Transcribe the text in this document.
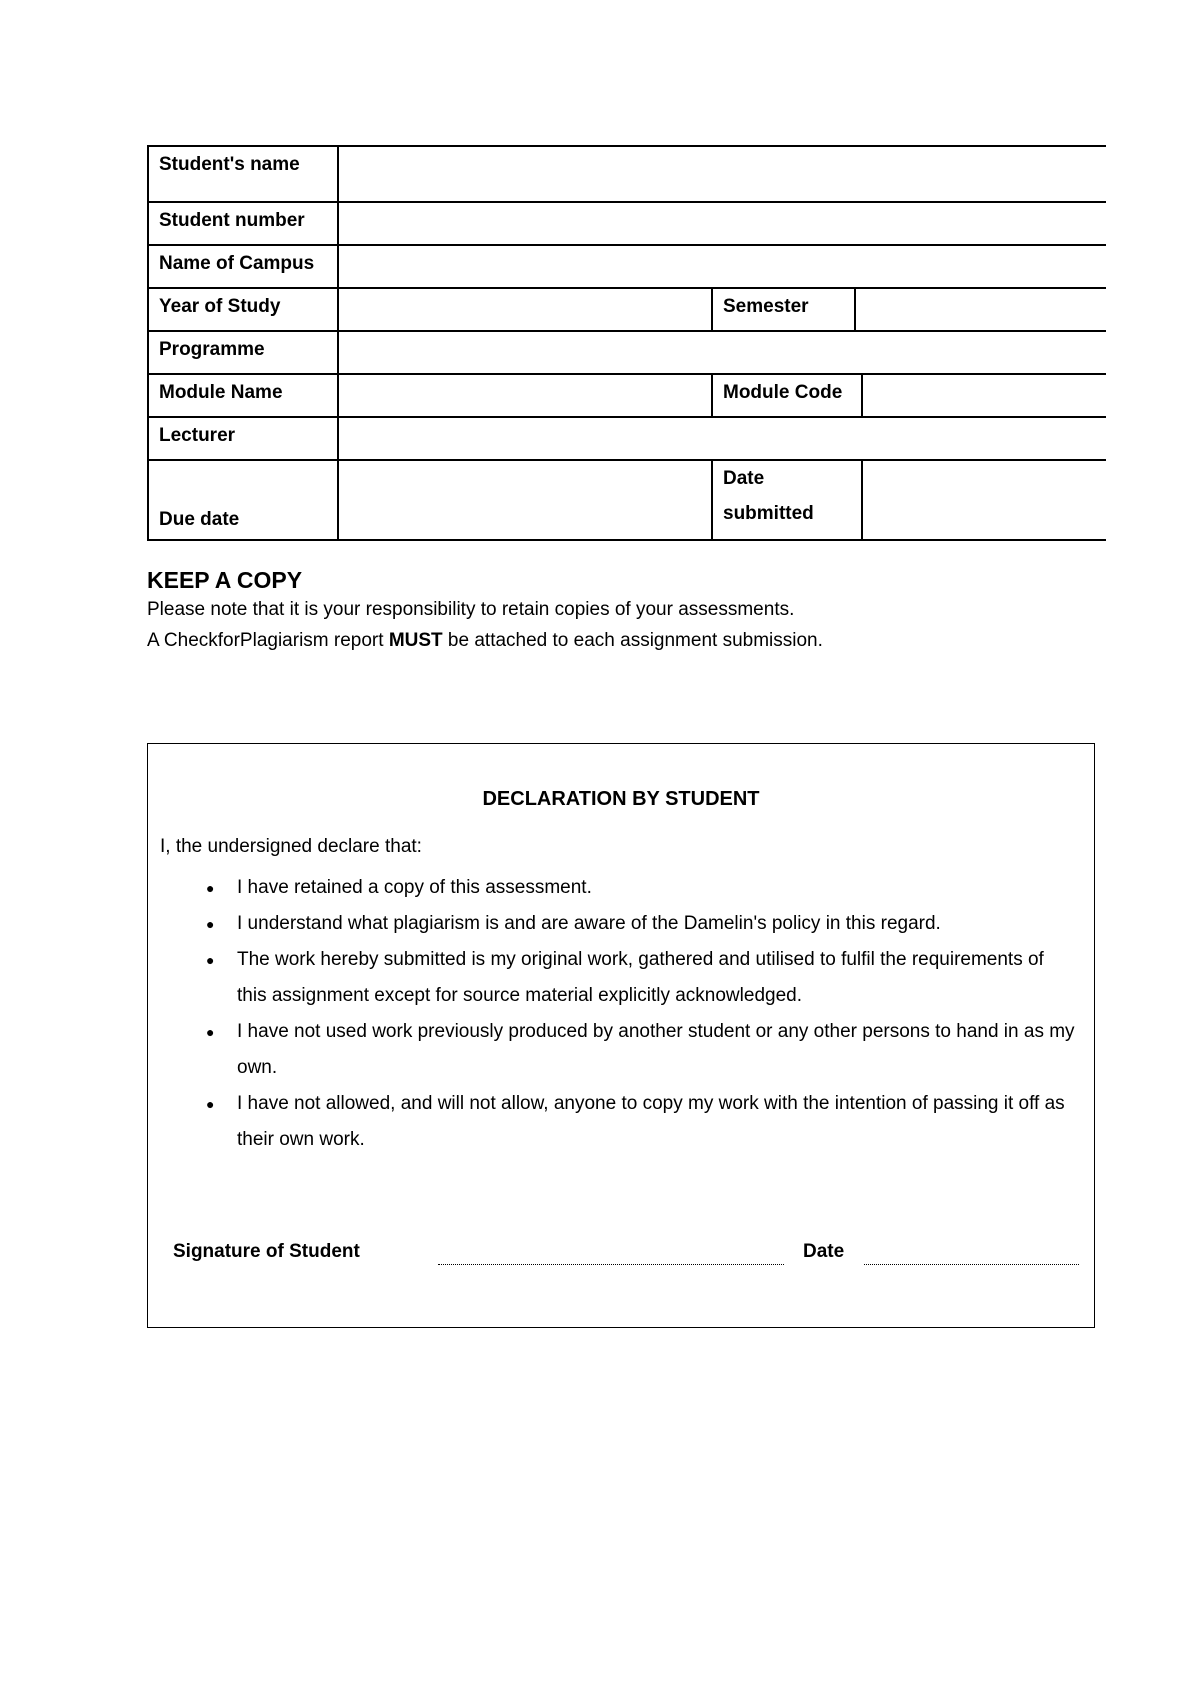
Student's name			
Student number			
Name of Campus			
Year of Study		Semester	
Programme			
Module Name		Module Code	
Lecturer			
Due date		Date
submitted	

KEEP A COPY

Please note that it is your responsibility to retain copies of your assessments.

A CheckforPlagiarism report MUST be attached to each assignment submission.

DECLARATION BY STUDENT
I, the undersigned declare that:
● I have retained a copy of this assessment.
● I understand what plagiarism is and are aware of the Damelin's policy in this regard.
● The work hereby submitted is my original work, gathered and utilised to fulfil the requirements of this assignment except for source material explicitly acknowledged.
● I have not used work previously produced by another student or any other persons to hand in as my own.
● I have not allowed, and will not allow, anyone to copy my work with the intention of passing it off as their own work.
Signature of Student	Date
